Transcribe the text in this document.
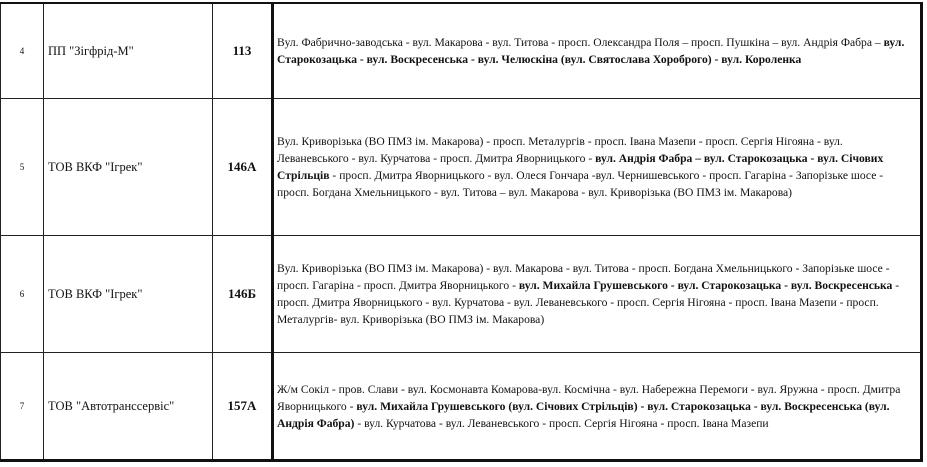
4	ПП "Зігфрід-М"	113	Вул. Фабрично-заводська - вул. Макарова - вул. Титова - просп. Олександра Поля – просп. Пушкіна – вул. Андрія Фабра – вул. Старокозацька - вул. Воскресенська - вул. Челюскіна (вул. Святослава Хороброго) - вул. Короленка

5	ТОВ ВКФ "Ігрек"	146А	Вул. Криворізька (ВО ПМЗ ім. Макарова) - просп. Металургів - просп. Івана Мазепи - просп. Сергія Нігояна - вул. Леваневського - вул. Курчатова - просп. Дмитра Яворницького - вул. Андрія Фабра – вул. Старокозацька - вул. Січових Стрільців - просп. Дмитра Яворницького - вул. Олеся Гончара -вул. Чернишевського - просп. Гагаріна - Запорізьке шосе - просп. Богдана Хмельницького - вул. Титова – вул. Макарова - вул. Криворізька (ВО ПМЗ ім. Макарова)

6	ТОВ ВКФ "Ігрек"	146Б	Вул. Криворізька (ВО ПМЗ ім. Макарова) - вул. Макарова - вул. Титова - просп. Богдана Хмельницького - Запорізьке шосе - просп. Гагаріна - просп. Дмитра Яворницького - вул. Михайла Грушевського - вул. Старокозацька - вул. Воскресенська - просп. Дмитра Яворницького - вул. Курчатова - вул. Леваневського - просп. Сергія Нігояна - просп. Івана Мазепи - просп. Металургів- вул. Криворізька (ВО ПМЗ ім. Макарова)

7	ТОВ "Автотранссервіс"	157А	Ж/м Сокіл - пров. Слави - вул. Космонавта Комарова-вул. Космічна - вул. Набережна Перемоги - вул. Яружна - просп. Дмитра Яворницького - вул. Михайла Грушевського (вул. Січових Стрільців) - вул. Старокозацька - вул. Воскресенська (вул. Андрія Фабра) - вул. Курчатова - вул. Леваневського - просп. Сергія Нігояна - просп. Івана Мазепи
